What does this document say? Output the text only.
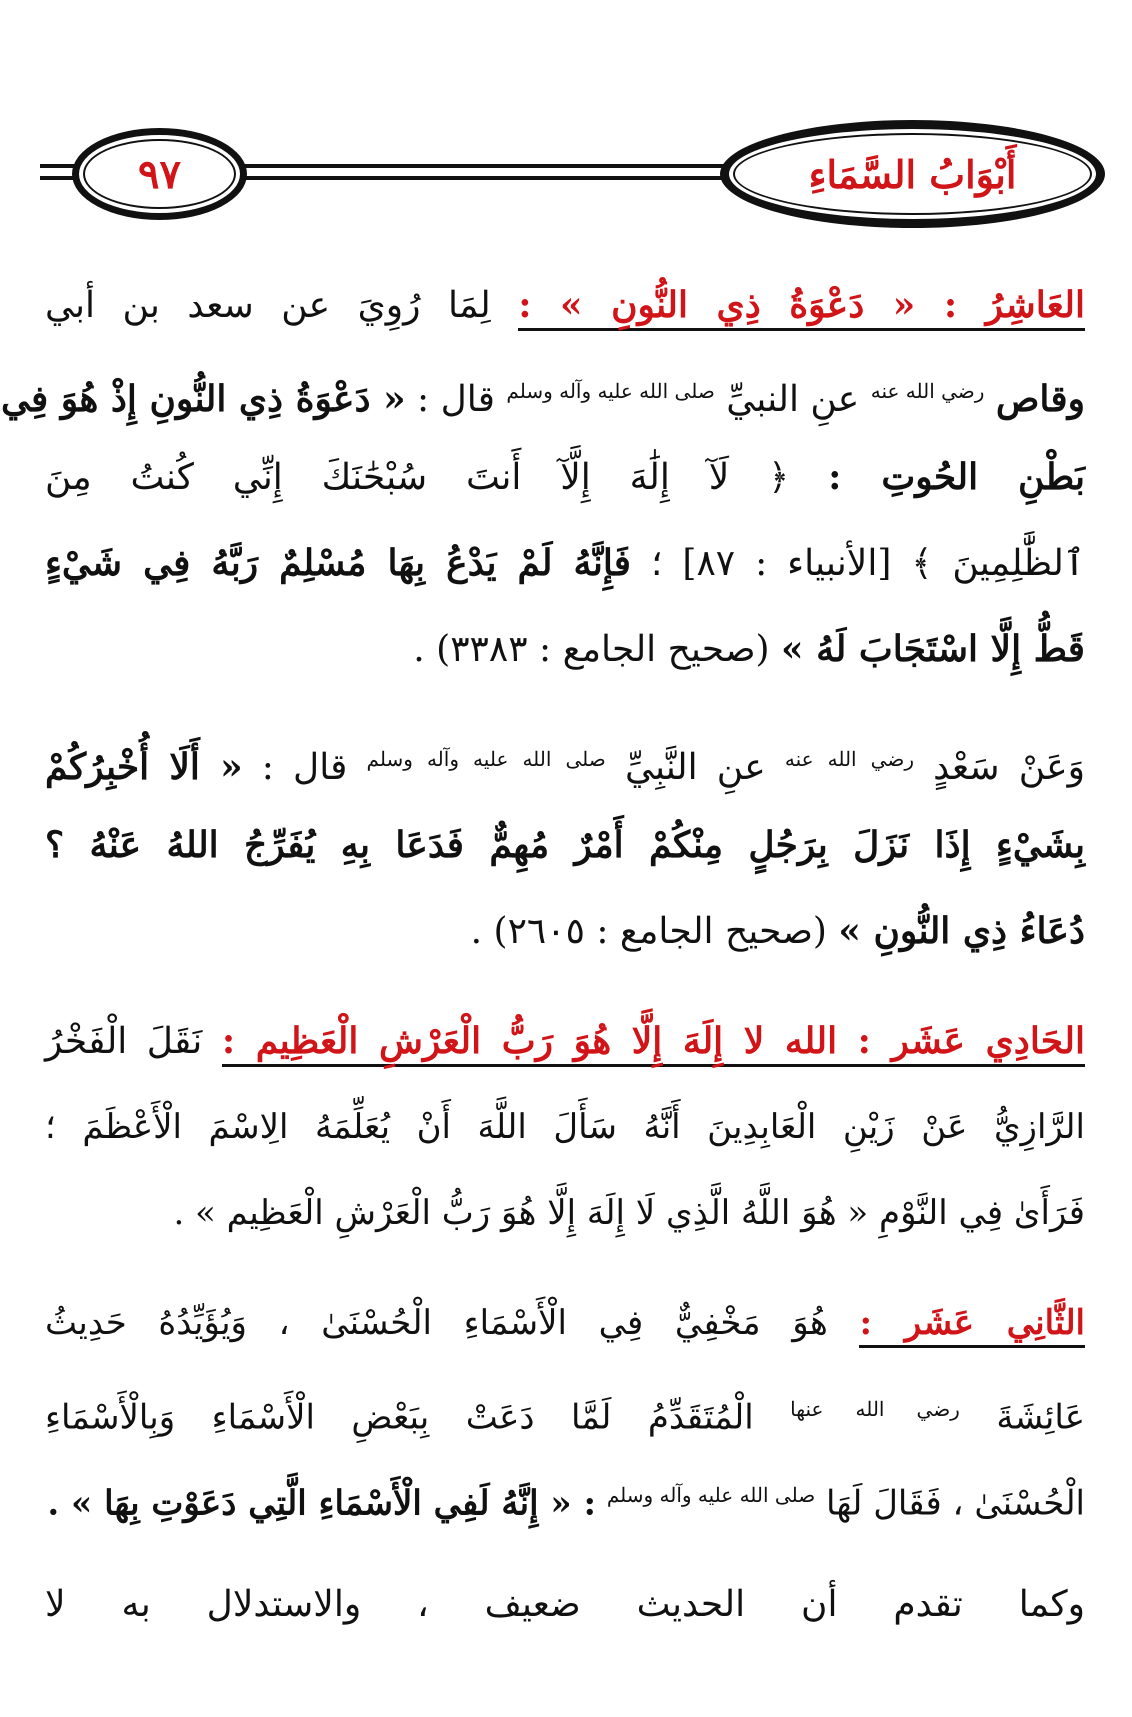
٩٧	أَبْوَابُ السَّمَاءِ
العَاشِرُ : « دَعْوَةُ ذِي النُّونِ » : لِمَا رُوِيَ عن سعد بن أبي
وقاص $^{رضي الله عنه}$ عنِ النبيِّ $^{صلى الله عليه وآله وسلم}$ قال : « دَعْوَةُ ذِي النُّونِ إِذْ هُوَ فِي
بَطْنِ الحُوتِ : ﴿ لَآ إِلَٰهَ إِلَّآ أَنتَ سُبْحَٰنَكَ إِنِّي كُنتُ مِنَ
ٱلظَّٰلِمِينَ ﴾ [الأنبياء : ٨٧] ؛ فَإِنَّهُ لَمْ يَدْعُ بِهَا مُسْلِمٌ رَبَّهُ فِي شَيْءٍ
قَطُّ إِلَّا اسْتَجَابَ لَهُ » (صحيح الجامع : ٣٣٨٣) .
وَعَنْ سَعْدٍ $^{رضي الله عنه}$ عنِ النَّبِيِّ $^{صلى الله عليه وآله وسلم}$ قال : « أَلَا أُخْبِرُكُمْ
بِشَيْءٍ إِذَا نَزَلَ بِرَجُلٍ مِنْكُمْ أَمْرٌ مُهِمٌّ فَدَعَا بِهِ يُفَرِّجُ اللهُ عَنْهُ ؟
دُعَاءُ ذِي النُّونِ » (صحيح الجامع : ٢٦٠٥) .
الحَادِي عَشَر : الله لا إِلَهَ إِلَّا هُوَ رَبُّ الْعَرْشِ الْعَظِيم : نَقَلَ الْفَخْرُ
الرَّازِيُّ عَنْ زَيْنِ الْعَابِدِينَ أَنَّهُ سَأَلَ اللَّهَ أَنْ يُعَلِّمَهُ الِاسْمَ الْأَعْظَمَ ؛
فَرَأَىٰ فِي النَّوْمِ « هُوَ اللَّهُ الَّذِي لَا إِلَهَ إِلَّا هُوَ رَبُّ الْعَرْشِ الْعَظِيم » .
الثَّانِي عَشَر : هُوَ مَخْفِيٌّ فِي الْأَسْمَاءِ الْحُسْنَىٰ ، وَيُؤَيِّدُهُ حَدِيثُ
عَائِشَةَ $^{رضي الله عنها}$ الْمُتَقَدِّمُ لَمَّا دَعَتْ بِبَعْضِ الْأَسْمَاءِ وَبِالْأَسْمَاءِ
الْحُسْنَىٰ ، فَقَالَ لَهَا $^{صلى الله عليه وآله وسلم}$ : « إِنَّهُ لَفِي الْأَسْمَاءِ الَّتِي دَعَوْتِ بِهَا » .
وكما تقدم أن الحديث ضعيف ، والاستدلال به لا
